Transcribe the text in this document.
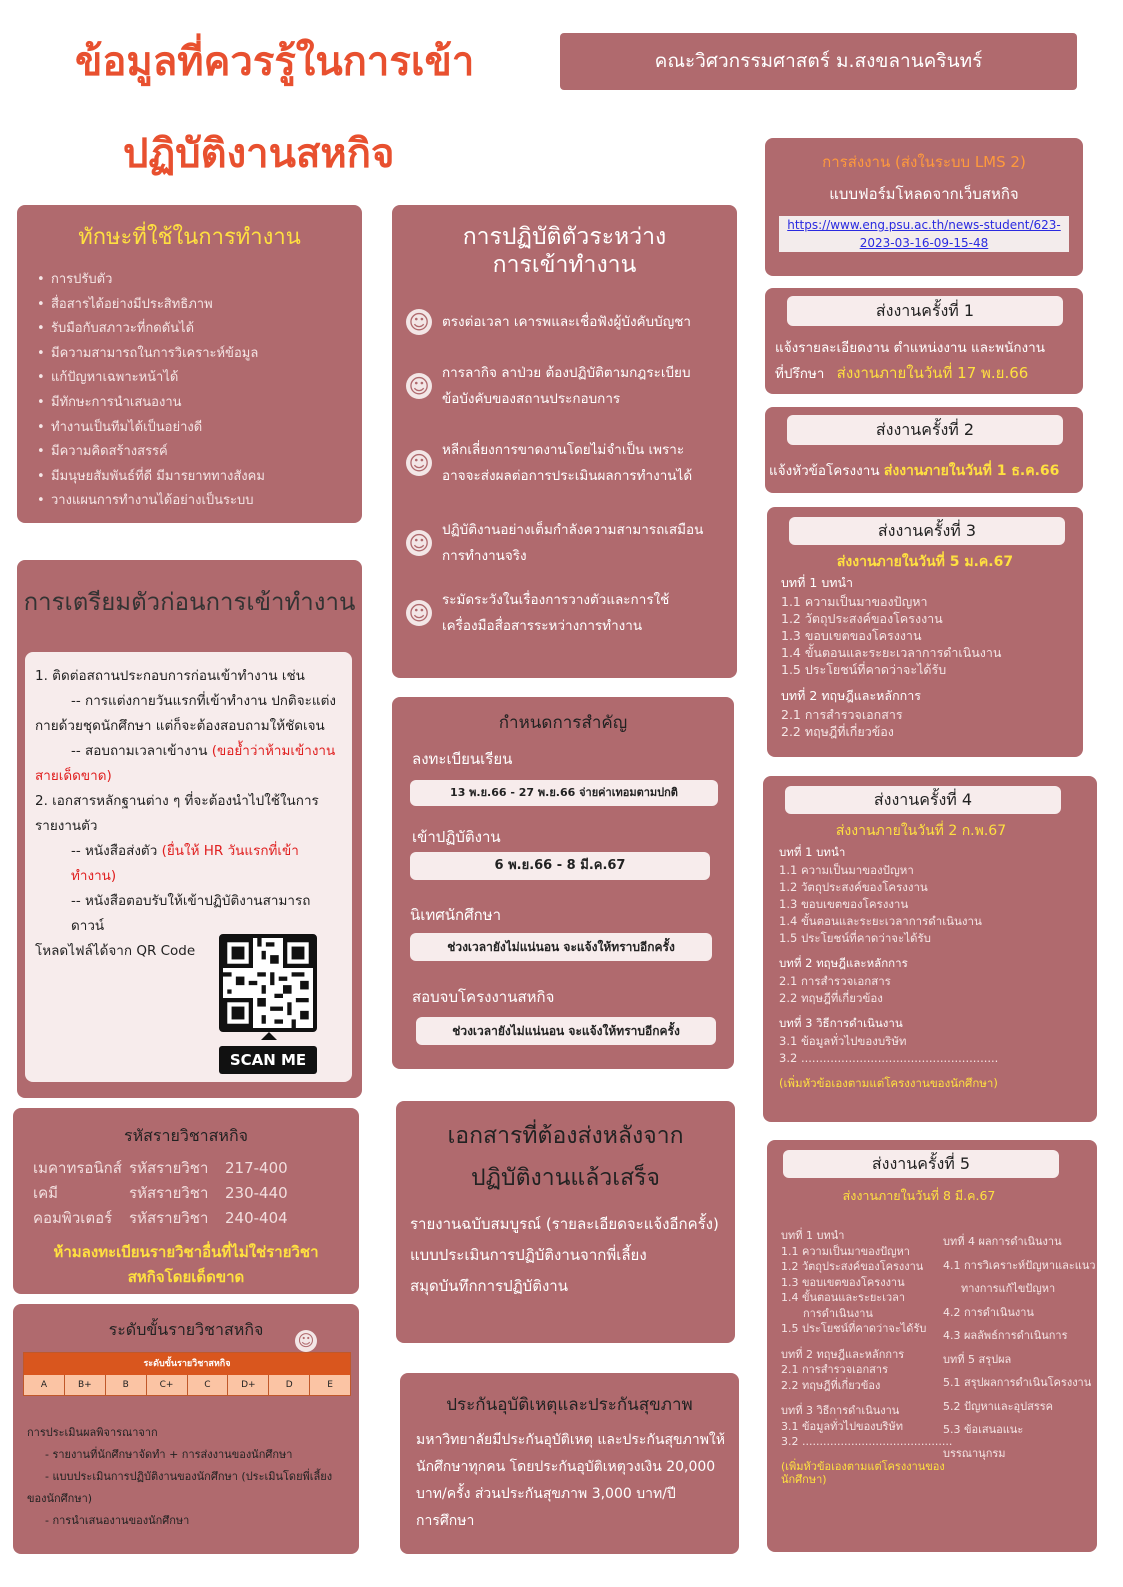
ข้อมูลที่ควรรู้ในการเข้า
ปฏิบัติงานสหกิจ
คณะวิศวกรรมศาสตร์ ม.สงขลานครินทร์
ทักษะที่ใช้ในการทำงาน
• การปรับตัว
• สื่อสารได้อย่างมีประสิทธิภาพ
• รับมือกับสภาวะที่กดดันได้
• มีความสามารถในการวิเคราะห์ข้อมูล
• แก้ปัญหาเฉพาะหน้าได้
• มีทักษะการนำเสนองาน
• ทำงานเป็นทีมได้เป็นอย่างดี
• มีความคิดสร้างสรรค์
• มีมนุษยสัมพันธ์ที่ดี มีมารยาททางสังคม
• วางแผนการทำงานได้อย่างเป็นระบบ
การปฏิบัติตัวระหว่าง
การเข้าทำงาน
☺ ตรงต่อเวลา เคารพและเชื่อฟังผู้บังคับบัญชา
☺
การลากิจ ลาป่วย ต้องปฏิบัติตามกฎระเบียบ
ข้อบังคับของสถานประกอบการ
☺
หลีกเลี่ยงการขาดงานโดยไม่จำเป็น เพราะ
อาจจะส่งผลต่อการประเมินผลการทำงานได้
☺
ปฏิบัติงานอย่างเต็มกำลังความสามารถเสมือน
การทำงานจริง
☺
ระมัดระวังในเรื่องการวางตัวและการใช้
เครื่องมือสื่อสารระหว่างการทำงาน
การส่งงาน (ส่งในระบบ LMS 2)
แบบฟอร์มโหลดจากเว็บสหกิจ
https://www.eng.psu.ac.th/news-student/623-
2023-03-16-09-15-48
ส่งงานครั้งที่ 1
แจ้งรายละเอียดงาน ตำแหน่งงาน และพนักงาน
ที่ปรึกษา ส่งงานภายในวันที่ 17 พ.ย.66
ส่งงานครั้งที่ 2
แจ้งหัวข้อโครงงาน ส่งงานภายในวันที่ 1 ธ.ค.66
ส่งงานครั้งที่ 3
ส่งงานภายในวันที่ 5 ม.ค.67
บทที่ 1 บทนำ
1.1 ความเป็นมาของปัญหา
1.2 วัตถุประสงค์ของโครงงาน
1.3 ขอบเขตของโครงงาน
1.4 ขั้นตอนและระยะเวลาการดำเนินงาน
1.5 ประโยชน์ที่คาดว่าจะได้รับ
บทที่ 2 ทฤษฎีและหลักการ
2.1 การสำรวจเอกสาร
2.2 ทฤษฎีที่เกี่ยวข้อง
การเตรียมตัวก่อนการเข้าทำงาน
1. ติดต่อสถานประกอบการก่อนเข้าทำงาน เช่น
-- การแต่งกายวันแรกที่เข้าทำงาน ปกติจะแต่ง
กายด้วยชุดนักศึกษา แต่ก็จะต้องสอบถามให้ชัดเจน
-- สอบถามเวลาเข้างาน (ขอย้ำว่าห้ามเข้างาน
สายเด็ดขาด)
2. เอกสารหลักฐานต่าง ๆ ที่จะต้องนำไปใช้ในการ
รายงานตัว
-- หนังสือส่งตัว (ยื่นให้ HR วันแรกที่เข้าทำงาน)
-- หนังสือตอบรับให้เข้าปฏิบัติงานสามารถดาวน์
โหลดไฟล์ได้จาก QR Code
SCAN ME
กำหนดการสำคัญ
ลงทะเบียนเรียน
13 พ.ย.66 - 27 พ.ย.66 จ่ายค่าเทอมตามปกติ
เข้าปฏิบัติงาน
6 พ.ย.66 - 8 มี.ค.67
นิเทศนักศึกษา
ช่วงเวลายังไม่แน่นอน จะแจ้งให้ทราบอีกครั้ง
สอบจบโครงงานสหกิจ
ช่วงเวลายังไม่แน่นอน จะแจ้งให้ทราบอีกครั้ง
ส่งงานครั้งที่ 4
ส่งงานภายในวันที่ 2 ก.พ.67
บทที่ 1 บทนำ
1.1 ความเป็นมาของปัญหา
1.2 วัตถุประสงค์ของโครงงาน
1.3 ขอบเขตของโครงงาน
1.4 ขั้นตอนและระยะเวลาการดำเนินงาน
1.5 ประโยชน์ที่คาดว่าจะได้รับ
บทที่ 2 ทฤษฎีและหลักการ
2.1 การสำรวจเอกสาร
2.2 ทฤษฎีที่เกี่ยวข้อง
บทที่ 3 วิธีการดำเนินงาน
3.1 ข้อมูลทั่วไปของบริษัท
3.2 ......................................................
(เพิ่มหัวข้อเองตามแต่โครงงานของนักศึกษา)
รหัสรายวิชาสหกิจ
เมคาทรอนิกส์ รหัสรายวิชา 217-400
เคมี	รหัสรายวิชา 230-440
คอมพิวเตอร์ รหัสรายวิชา 240-404
ห้ามลงทะเบียนรายวิชาอื่นที่ไม่ใช่รายวิชา
สหกิจโดยเด็ดขาด
เอกสารที่ต้องส่งหลังจาก
ปฏิบัติงานแล้วเสร็จ
รายงานฉบับสมบูรณ์ (รายละเอียดจะแจ้งอีกครั้ง)
แบบประเมินการปฏิบัติงานจากพี่เลี้ยง
สมุดบันทึกการปฏิบัติงาน
ส่งงานครั้งที่ 5
ส่งงานภายในวันที่ 8 มี.ค.67
บทที่ 1 บทนำ
1.1 ความเป็นมาของปัญหา
1.2 วัตถุประสงค์ของโครงงาน
1.3 ขอบเขตของโครงงาน
1.4 ขั้นตอนและระยะเวลา
การดำเนินงาน
1.5 ประโยชน์ที่คาดว่าจะได้รับ
บทที่ 2 ทฤษฎีและหลักการ
2.1 การสำรวจเอกสาร
2.2 ทฤษฎีที่เกี่ยวข้อง
บทที่ 3 วิธีการดำเนินงาน
3.1 ข้อมูลทั่วไปของบริษัท
3.2 ...........................................
(เพิ่มหัวข้อเองตามแต่โครงงานของ
นักศึกษา)
บทที่ 4 ผลการดำเนินงาน
4.1 การวิเคราะห์ปัญหาและแนว
ทางการแก้ไขปัญหา
4.2 การดำเนินงาน
4.3 ผลลัพธ์การดำเนินการ
บทที่ 5 สรุปผล
5.1 สรุปผลการดำเนินโครงงาน
5.2 ปัญหาและอุปสรรค
5.3 ข้อเสนอแนะ
บรรณานุกรม
ระดับขั้นรายวิชาสหกิจ
☺
ระดับขั้นรายวิชาสหกิจ
A	B+	B	C+	C	D+	D	E
การประเมินผลพิจารณาจาก
- รายงานที่นักศึกษาจัดทำ + การส่งงานของนักศึกษา
- แบบประเมินการปฏิบัติงานของนักศึกษา (ประเมินโดยพี่เลี้ยง
ของนักศึกษา)
- การนำเสนองานของนักศึกษา
ประกันอุบัติเหตุและประกันสุขภาพ
มหาวิทยาลัยมีประกันอุบัติเหตุ และประกันสุขภาพให้
นักศึกษาทุกคน โดยประกันอุบัติเหตุวงเงิน 20,000
บาท/ครั้ง ส่วนประกันสุขภาพ 3,000 บาท/ปี
การศึกษา
